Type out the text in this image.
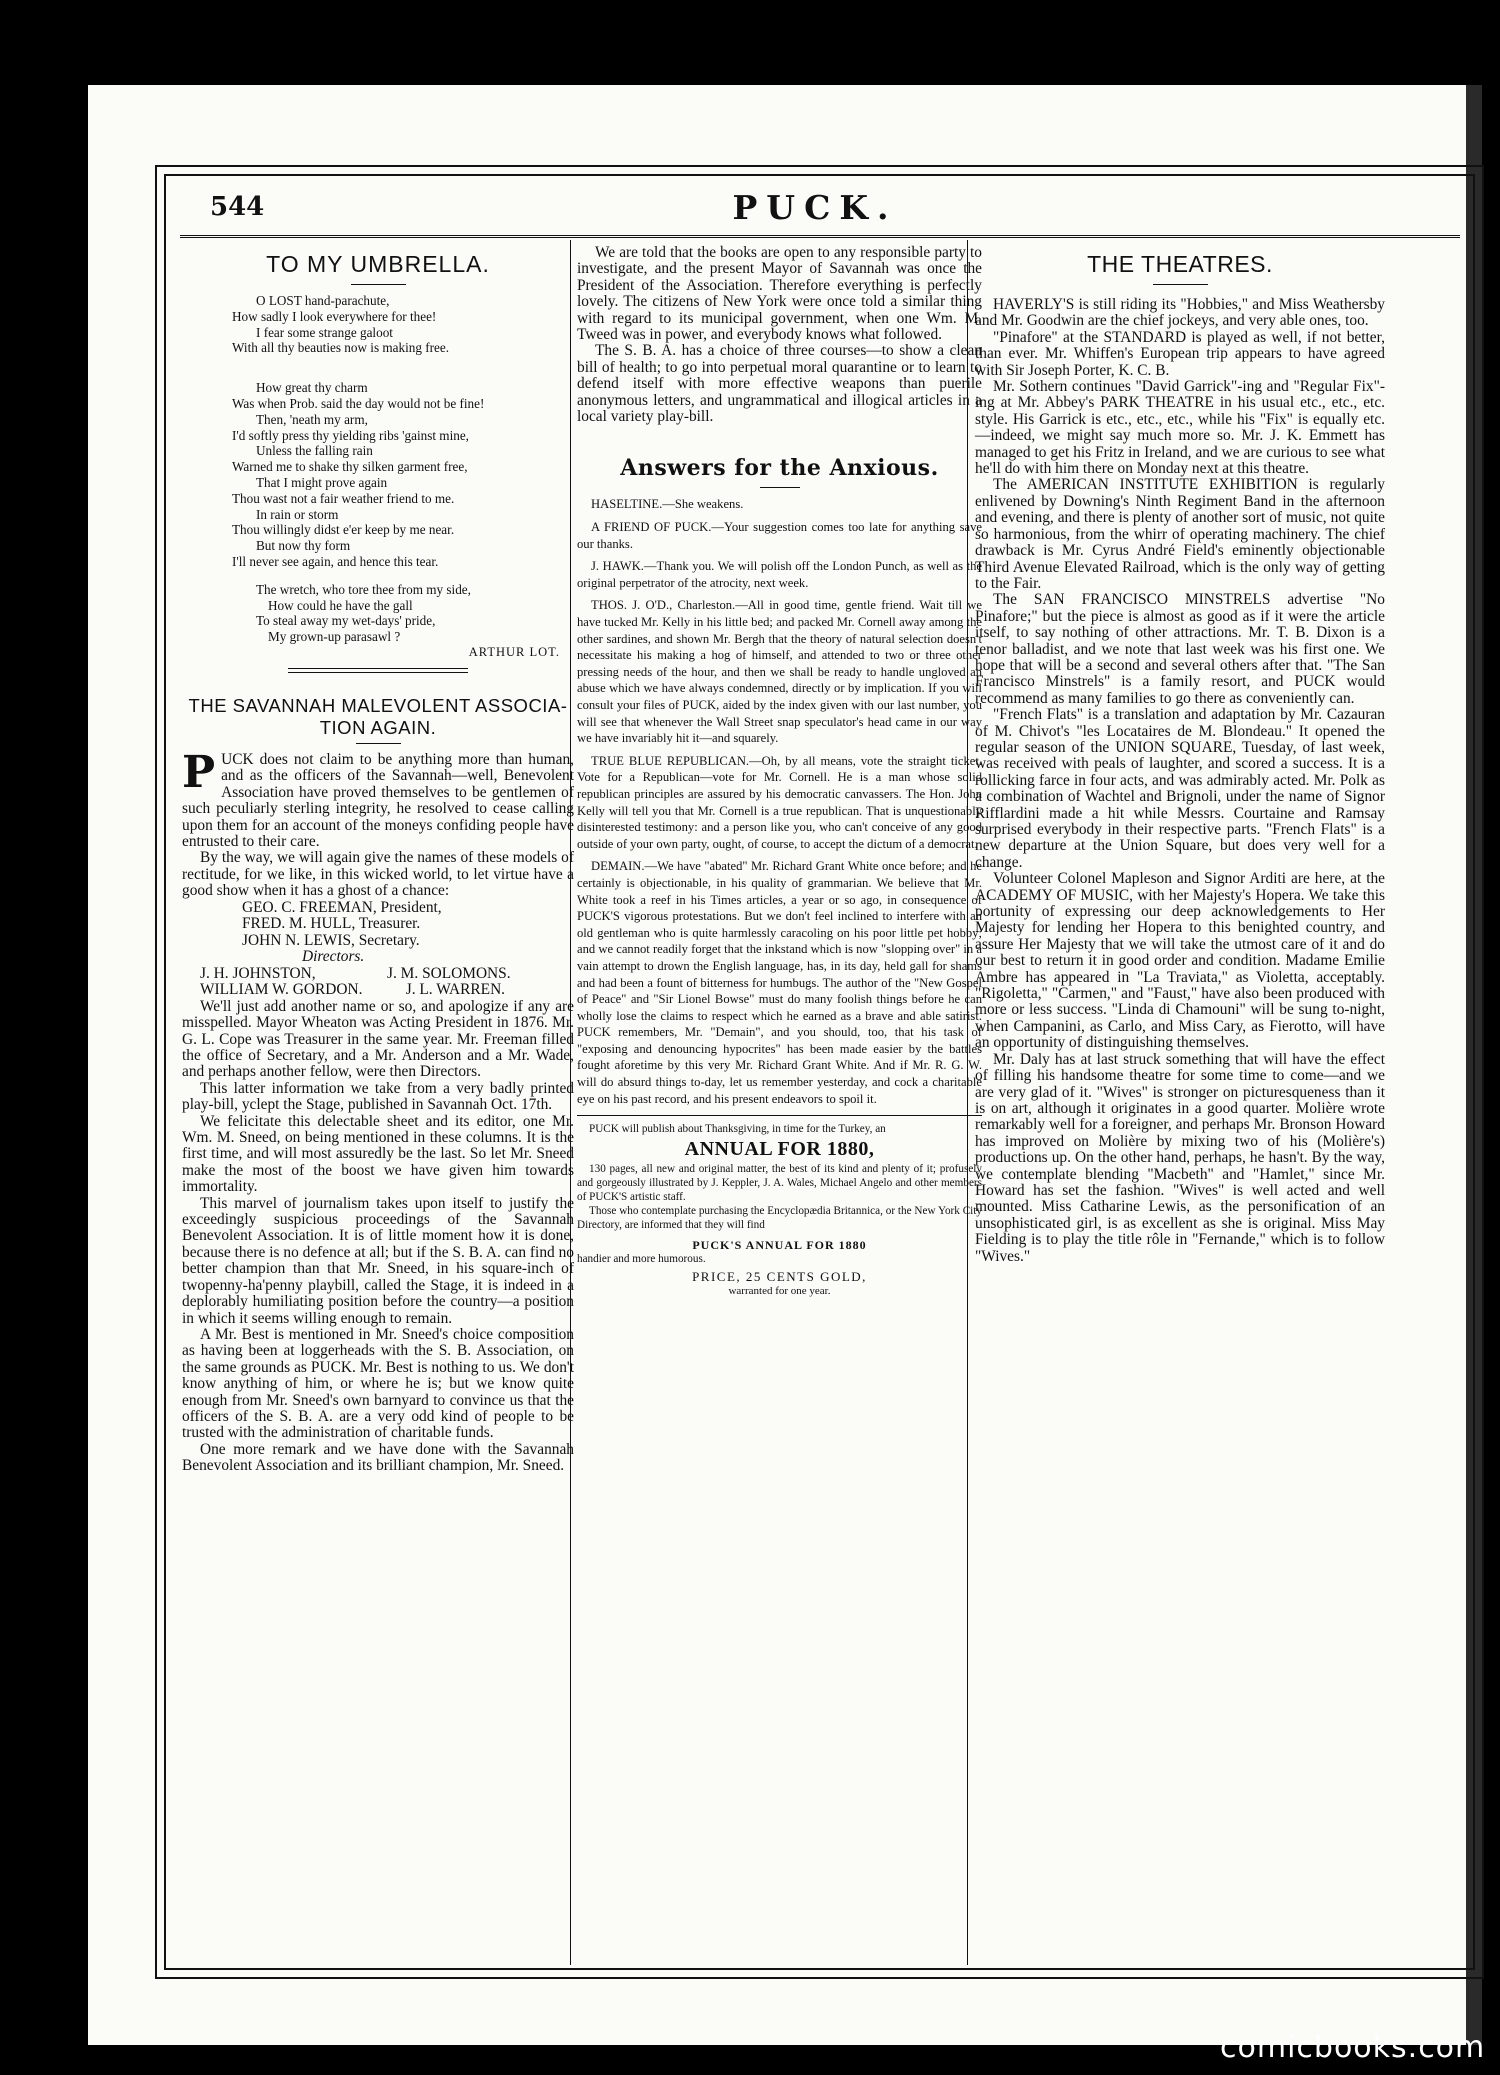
544	PUCK.
TO MY UMBRELLA.
O LOST hand-parachute,
How sadly I look everywhere for thee!
I fear some strange galoot
With all thy beauties now is making free.
How great thy charm
Was when Prob. said the day would not be fine!
Then, 'neath my arm,
I'd softly press thy yielding ribs 'gainst mine,
Unless the falling rain
Warned me to shake thy silken garment free,
That I might prove again
Thou wast not a fair weather friend to me.
In rain or storm
Thou willingly didst e'er keep by me near.
But now thy form
I'll never see again, and hence this tear.
The wretch, who tore thee from my side,
How could he have the gall
To steal away my wet-days' pride,
My grown-up parasawl ?
ARTHUR LOT.
THE SAVANNAH MALEVOLENT ASSOCIA- TION AGAIN.

PUCK does not claim to be anything more than human, and as the officers of the Savannah—well, Benevolent Association have proved themselves to be gentlemen of such peculiarly sterling integrity, he resolved to cease calling upon them for an account of the moneys confiding people have entrusted to their care.

By the way, we will again give the names of these models of rectitude, for we like, in this wicked world, to let virtue have a good show when it has a ghost of a chance:

GEO. C. FREEMAN, President,
FRED. M. HULL, Treasurer.
JOHN N. LEWIS, Secretary.
Directors.
J. H. JOHNSTON,	J. M. SOLOMONS.
WILLIAM W. GORDON.	J. L. WARREN.

We'll just add another name or so, and apologize if any are misspelled. Mayor Wheaton was Acting President in 1876. Mr. G. L. Cope was Treasurer in the same year. Mr. Freeman filled the office of Secretary, and a Mr. Anderson and a Mr. Wade, and perhaps another fellow, were then Directors.

This latter information we take from a very badly printed play-bill, yclept the Stage, published in Savannah Oct. 17th.

We felicitate this delectable sheet and its editor, one Mr. Wm. M. Sneed, on being mentioned in these columns. It is the first time, and will most assuredly be the last. So let Mr. Sneed make the most of the boost we have given him towards immortality.

This marvel of journalism takes upon itself to justify the exceedingly suspicious proceedings of the Savannah Benevolent Association. It is of little moment how it is done, because there is no defence at all; but if the S. B. A. can find no better champion than that Mr. Sneed, in his square-inch of twopenny-ha'penny playbill, called the Stage, it is indeed in a deplorably humiliating position before the country—a position in which it seems willing enough to remain.

A Mr. Best is mentioned in Mr. Sneed's choice composition as having been at loggerheads with the S. B. Association, on the same grounds as PUCK. Mr. Best is nothing to us. We don't know anything of him, or where he is; but we know quite enough from Mr. Sneed's own barnyard to convince us that the officers of the S. B. A. are a very odd kind of people to be trusted with the administration of charitable funds.

One more remark and we have done with the Savannah Benevolent Association and its brilliant champion, Mr. Sneed.

We are told that the books are open to any responsible party to investigate, and the present Mayor of Savannah was once the President of the Association. Therefore everything is perfectly lovely. The citizens of New York were once told a similar thing with regard to its municipal government, when one Wm. M. Tweed was in power, and everybody knows what followed.

The S. B. A. has a choice of three courses—to show a clean bill of health; to go into perpetual moral quarantine or to learn to defend itself with more effective weapons than puerile anonymous letters, and ungrammatical and illogical articles in a local variety play-bill.

Answers for the Anxious.

HASELTINE.—She weakens.

A FRIEND OF PUCK.—Your suggestion comes too late for anything save our thanks.

J. HAWK.—Thank you. We will polish off the London Punch, as well as the original perpetrator of the atrocity, next week.

THOS. J. O'D., Charleston.—All in good time, gentle friend. Wait till we have tucked Mr. Kelly in his little bed; and packed Mr. Cornell away among the other sardines, and shown Mr. Bergh that the theory of natural selection doesn't necessitate his making a hog of himself, and attended to two or three other pressing needs of the hour, and then we shall be ready to handle ungloved an abuse which we have always condemned, directly or by implication. If you will consult your files of PUCK, aided by the index given with our last number, you will see that whenever the Wall Street snap speculator's head came in our way we have invariably hit it—and squarely.

TRUE BLUE REPUBLICAN.—Oh, by all means, vote the straight ticket. Vote for a Republican—vote for Mr. Cornell. He is a man whose solid republican principles are assured by his democratic canvassers. The Hon. John Kelly will tell you that Mr. Cornell is a true republican. That is unquestionably disinterested testimony: and a person like you, who can't conceive of any good outside of your own party, ought, of course, to accept the dictum of a democrat.

DEMAIN.—We have "abated" Mr. Richard Grant White once before; and he certainly is objectionable, in his quality of grammarian. We believe that Mr. White took a reef in his Times articles, a year or so ago, in consequence of PUCK'S vigorous protestations. But we don't feel inclined to interfere with an old gentleman who is quite harmlessly caracoling on his poor little pet hobby; and we cannot readily forget that the inkstand which is now "slopping over" in a vain attempt to drown the English language, has, in its day, held gall for shams and had been a fount of bitterness for humbugs. The author of the "New Gospel of Peace" and "Sir Lionel Bowse" must do many foolish things before he can wholly lose the claims to respect which he earned as a brave and able satirist. PUCK remembers, Mr. "Demain", and you should, too, that his task of "exposing and denouncing hypocrites" has been made easier by the battles fought aforetime by this very Mr. Richard Grant White. And if Mr. R. G. W. will do absurd things to-day, let us remember yesterday, and cock a charitable eye on his past record, and his present endeavors to spoil it.

PUCK will publish about Thanksgiving, in time for the Turkey, an

ANNUAL FOR 1880,

130 pages, all new and original matter, the best of its kind and plenty of it; profusely and gorgeously illustrated by J. Keppler, J. A. Wales, Michael Angelo and other members of PUCK'S artistic staff.

Those who contemplate purchasing the Encyclopædia Britannica, or the New York City Directory, are informed that they will find

PUCK'S ANNUAL FOR 1880

handier and more humorous.

PRICE, 25 CENTS GOLD,

warranted for one year.

THE THEATRES.

HAVERLY'S is still riding its "Hobbies," and Miss Weathersby and Mr. Goodwin are the chief jockeys, and very able ones, too.

"Pinafore" at the STANDARD is played as well, if not better, than ever. Mr. Whiffen's European trip appears to have agreed with Sir Joseph Porter, K. C. B.

Mr. Sothern continues "David Garrick"-ing and "Regular Fix"-ing at Mr. Abbey's PARK THEATRE in his usual etc., etc., etc. style. His Garrick is etc., etc., etc., while his "Fix" is equally etc.—indeed, we might say much more so. Mr. J. K. Emmett has managed to get his Fritz in Ireland, and we are curious to see what he'll do with him there on Monday next at this theatre.

The AMERICAN INSTITUTE EXHIBITION is regularly enlivened by Downing's Ninth Regiment Band in the afternoon and evening, and there is plenty of another sort of music, not quite so harmonious, from the whirr of operating machinery. The chief drawback is Mr. Cyrus André Field's eminently objectionable Third Avenue Elevated Railroad, which is the only way of getting to the Fair.

The SAN FRANCISCO MINSTRELS advertise "No Pinafore;" but the piece is almost as good as if it were the article itself, to say nothing of other attractions. Mr. T. B. Dixon is a tenor balladist, and we note that last week was his first one. We hope that will be a second and several others after that. "The San Francisco Minstrels" is a family resort, and PUCK would recommend as many families to go there as conveniently can.

"French Flats" is a translation and adaptation by Mr. Cazauran of M. Chivot's "les Locataires de M. Blondeau." It opened the regular season of the UNION SQUARE, Tuesday, of last week, was received with peals of laughter, and scored a success. It is a rollicking farce in four acts, and was admirably acted. Mr. Polk as a combination of Wachtel and Brignoli, under the name of Signor Rifflardini made a hit while Messrs. Courtaine and Ramsay surprised everybody in their respective parts. "French Flats" is a new departure at the Union Square, but does very well for a change.

Volunteer Colonel Mapleson and Signor Arditi are here, at the ACADEMY OF MUSIC, with her Majesty's Hopera. We take this portunity of expressing our deep acknowledgements to Her Majesty for lending her Hopera to this benighted country, and assure Her Majesty that we will take the utmost care of it and do our best to return it in good order and condition. Madame Emilie Ambre has appeared in "La Traviata," as Violetta, acceptably. "Rigoletta," "Carmen," and "Faust," have also been produced with more or less success. "Linda di Chamouni" will be sung to-night, when Campanini, as Carlo, and Miss Cary, as Fierotto, will have an opportunity of distinguishing themselves.

Mr. Daly has at last struck something that will have the effect of filling his handsome theatre for some time to come—and we are very glad of it. "Wives" is stronger on picturesqueness than it is on art, although it originates in a good quarter. Molière wrote remarkably well for a foreigner, and perhaps Mr. Bronson Howard has improved on Molière by mixing two of his (Molière's) productions up. On the other hand, perhaps, he hasn't. By the way, we contemplate blending "Macbeth" and "Hamlet," since Mr. Howard has set the fashion. "Wives" is well acted and well mounted. Miss Catharine Lewis, as the personification of an unsophisticated girl, is as excellent as she is original. Miss May Fielding is to play the title rôle in "Fernande," which is to follow "Wives."

comicbooks.com
